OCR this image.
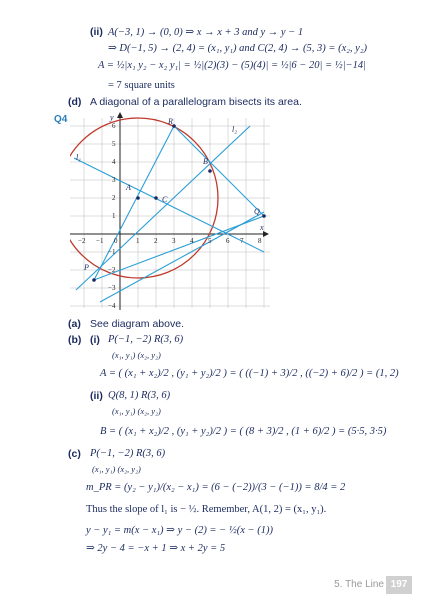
(ii) A(−3, 1) → (0, 0) ⇒ x → x + 3 and y → y − 1
⇒ D(−1, 5) → (2, 4) = (x₁, y₁) and C(2, 4) → (5, 3) = (x₂, y₂)
A = ½|x₁ y₂ − x₂ y₁| = ½|(2)(3) − (5)(4)| = ½|6 − 20| = ½|−14|
= 7 square units
(d) A diagonal of a parallelogram bisects its area.
Q4	R
B
A
C
Q
P
l₁
l₂
x
y
−2 −1 0	1 2 3 4 5 6 7 8
6
5
4
3
2
1
−1
−2
−3
−4
(a) See diagram above.
(b) (i) P(−1, −2) R(3, 6)
(x₁, y₁) (x₂, y₂)
A = ( (x₁ + x₂)/2 , (y₁ + y₂)/2 ) = ( ((−1) + 3)/2 , ((−2) + 6)/2 ) = (1, 2)
(ii) Q(8, 1) R(3, 6)
(x₁, y₁) (x₂, y₂)
B = ( (x₁ + x₂)/2 , (y₁ + y₂)/2 ) = ( (8 + 3)/2 , (1 + 6)/2 ) = (5·5, 3·5)
(c) P(−1, −2) R(3, 6)
(x₁, y₁) (x₂, y₂)
m_PR = (y₂ − y₁)/(x₂ − x₁) = (6 − (−2))/(3 − (−1)) = 8/4 = 2
Thus the slope of l₁ is − ½. Remember, A(1, 2) = (x₁, y₁).
y − y₁ = m(x − x₁) ⇒ y − (2) = − ½(x − (1))
⇒ 2y − 4 = −x + 1 ⇒ x + 2y = 5
5. The Line 197
